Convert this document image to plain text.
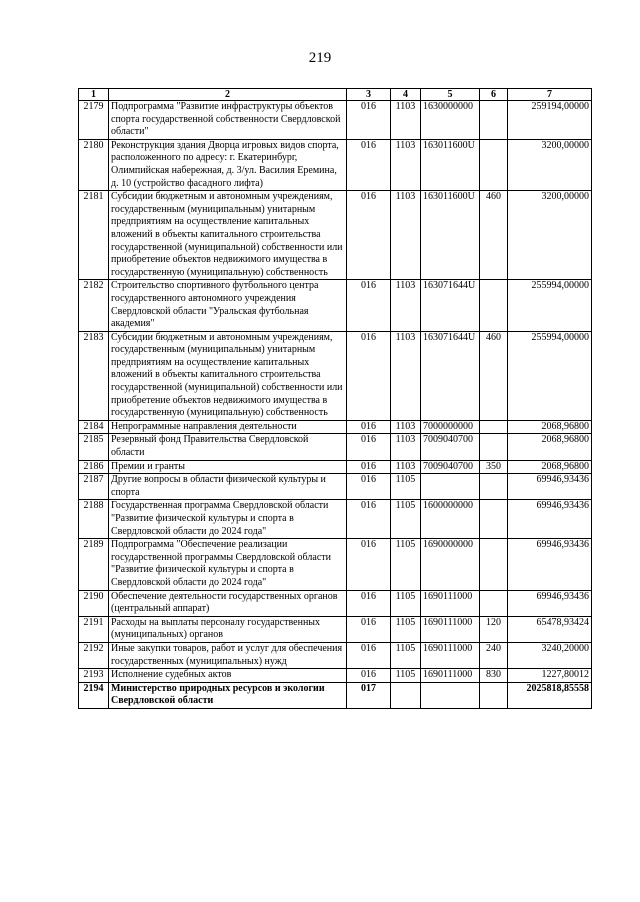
219
1	2	3	4	5	6	7
2179	Подпрограмма "Развитие инфраструктуры объектов спорта государственной собственности Свердловской области"	016	1103	1630000000		259194,00000
2180	Реконструкция здания Дворца игровых видов спорта, расположенного по адресу: г. Екатеринбург, Олимпийская набережная, д. 3/ул. Василия Еремина, д. 10 (устройство фасадного лифта)	016	1103	163011600U		3200,00000
2181	Субсидии бюджетным и автономным учреждениям, государственным (муниципальным) унитарным предприятиям на осуществление капитальных вложений в объекты капитального строительства государственной (муниципальной) собственности или приобретение объектов недвижимого имущества в государственную (муниципальную) собственность	016	1103	163011600U	460	3200,00000
2182	Строительство спортивного футбольного центра государственного автономного учреждения Свердловской области "Уральская футбольная академия"	016	1103	163071644U		255994,00000
2183	Субсидии бюджетным и автономным учреждениям, государственным (муниципальным) унитарным предприятиям на осуществление капитальных вложений в объекты капитального строительства государственной (муниципальной) собственности или приобретение объектов недвижимого имущества в государственную (муниципальную) собственность	016	1103	163071644U	460	255994,00000
2184	Непрограммные направления деятельности	016	1103	7000000000		2068,96800
2185	Резервный фонд Правительства Свердловской области	016	1103	7009040700		2068,96800
2186	Премии и гранты	016	1103	7009040700	350	2068,96800
2187	Другие вопросы в области физической культуры и спорта	016	1105			69946,93436
2188	Государственная программа Свердловской области "Развитие физической культуры и спорта в Свердловской области до 2024 года"	016	1105	1600000000		69946,93436
2189	Подпрограмма "Обеспечение реализации государственной программы Свердловской области "Развитие физической культуры и спорта в Свердловской области до 2024 года"	016	1105	1690000000		69946,93436
2190	Обеспечение деятельности государственных органов (центральный аппарат)	016	1105	1690111000		69946,93436
2191	Расходы на выплаты персоналу государственных (муниципальных) органов	016	1105	1690111000	120	65478,93424
2192	Иные закупки товаров, работ и услуг для обеспечения государственных (муниципальных) нужд	016	1105	1690111000	240	3240,20000
2193	Исполнение судебных актов	016	1105	1690111000	830	1227,80012
2194	Министерство природных ресурсов и экологии Свердловской области	017				2025818,85558
